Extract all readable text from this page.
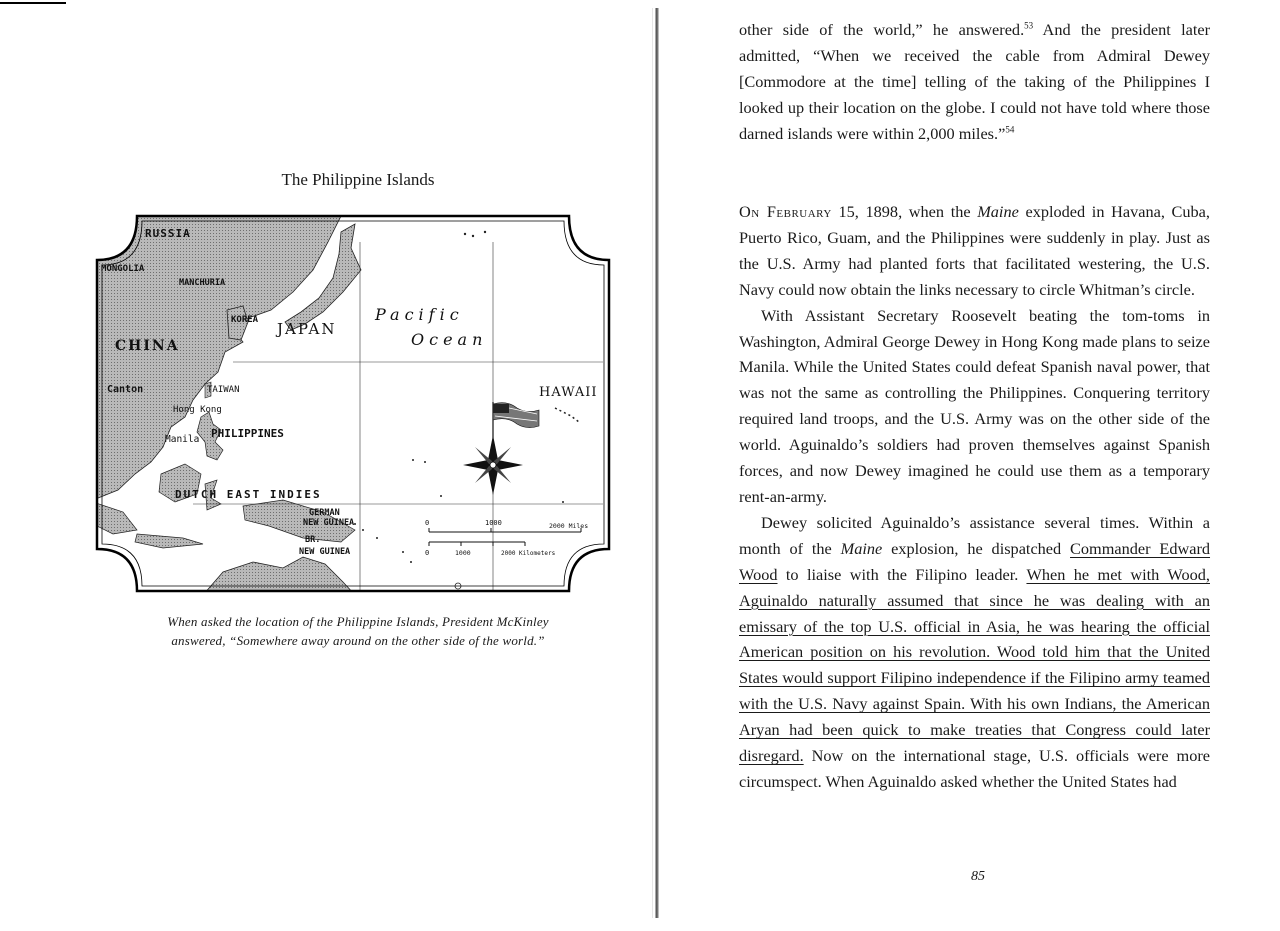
The Philippine Islands
RUSSIA
MONGOLIA
MANCHURIA
KOREA JAPAN
CHINA
Pacific
Ocean
Canton	TAIWAN
Hong Kong
Manila PHILIPPINES
HAWAII
DUTCH EAST INDIES
GERMAN
NEW GUINEA
BR.
NEW GUINEA
0	1000	2000 Miles
0	1000	2000 Kilometers
When asked the location of the Philippine Islands, President McKinley
answered, “Somewhere away around on the other side of the world.”

other side of the world,” he answered.$^{53}$ And the president later admitted, “When we received the cable from Admiral Dewey [Commodore at the time] telling of the taking of the Philippines I looked up their location on the globe. I could not have told where those darned islands were within 2,000 miles.”$^{54}$

On February 15, 1898, when the Maine exploded in Havana, Cuba, Puerto Rico, Guam, and the Philippines were suddenly in play. Just as the U.S. Army had planted forts that facilitated westering, the U.S. Navy could now obtain the links necessary to circle Whitman’s circle.

With Assistant Secretary Roosevelt beating the tom-toms in Washington, Admiral George Dewey in Hong Kong made plans to seize Manila. While the United States could defeat Spanish naval power, that was not the same as controlling the Philippines. Conquering territory required land troops, and the U.S. Army was on the other side of the world. Aguinaldo’s soldiers had proven themselves against Spanish forces, and now Dewey imagined he could use them as a temporary rent-an-army.

Dewey solicited Aguinaldo’s assistance several times. Within a month of the Maine explosion, he dispatched Commander Edward Wood to liaise with the Filipino leader. When he met with Wood, Aguinaldo naturally assumed that since he was dealing with an emissary of the top U.S. official in Asia, he was hearing the official American position on his revolution. Wood told him that the United States would support Filipino independence if the Filipino army teamed with the U.S. Navy against Spain. With his own Indians, the American Aryan had been quick to make treaties that Congress could later disregard. Now on the international stage, U.S. officials were more circumspect. When Aguinaldo asked whether the United States had

85
